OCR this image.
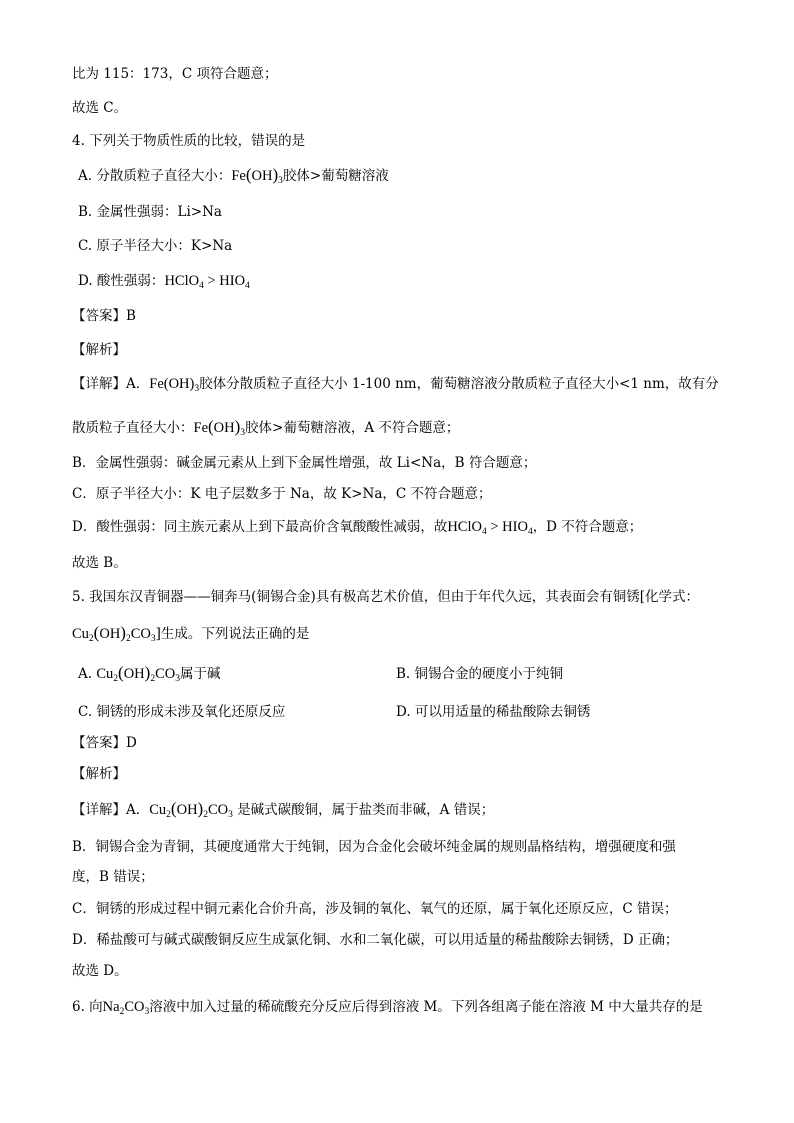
比为 115：173，C 项符合题意；
故选 C。
4. 下列关于物质性质的比较，错误的是
A. 分散质粒子直径大小：$Fe(OH)_3$胶体>葡萄糖溶液
B. 金属性强弱：Li>Na
C. 原子半径大小：K>Na
D. 酸性强弱：HClO$_4$ > $HIO_4$
【答案】B
【解析】
【详解】A．$Fe(OH)_3$胶体分散质粒子直径大小 1-100 nm，葡萄糖溶液分散质粒子直径大小<1 nm，故有分
散质粒子直径大小：$Fe(OH)_3$胶体>葡萄糖溶液，A 不符合题意；
B．金属性强弱：碱金属元素从上到下金属性增强，故 Li<Na，B 符合题意；
C．原子半径大小：K 电子层数多于 Na，故 K>Na，C 不符合题意；
D．酸性强弱：同主族元素从上到下最高价含氧酸酸性减弱，故HClO$_4$ > $HIO_4$，D 不符合题意；
故选 B。
5. 我国东汉青铜器——铜奔马(铜锡合金)具有极高艺术价值，但由于年代久远，其表面会有铜锈[化学式：
$Cu_2(OH)_2CO_3$]生成。下列说法正确的是
A. $Cu_2(OH)_2CO_3$属于碱	B. 铜锡合金的硬度小于纯铜
C. 铜锈的形成未涉及氧化还原反应	D. 可以用适量的稀盐酸除去铜锈
【答案】D
【解析】
【详解】A．$Cu_2(OH)_2CO_3$ 是碱式碳酸铜，属于盐类而非碱，A 错误；
B．铜锡合金为青铜，其硬度通常大于纯铜，因为合金化会破坏纯金属的规则晶格结构，增强硬度和强
度，B 错误；
C．铜锈的形成过程中铜元素化合价升高，涉及铜的氧化、氧气的还原，属于氧化还原反应，C 错误；
D．稀盐酸可与碱式碳酸铜反应生成氯化铜、水和二氧化碳，可以用适量的稀盐酸除去铜锈，D 正确；
故选 D。
6. 向$Na_2CO_3$溶液中加入过量的稀硫酸充分反应后得到溶液 M。下列各组离子能在溶液 M 中大量共存的是
